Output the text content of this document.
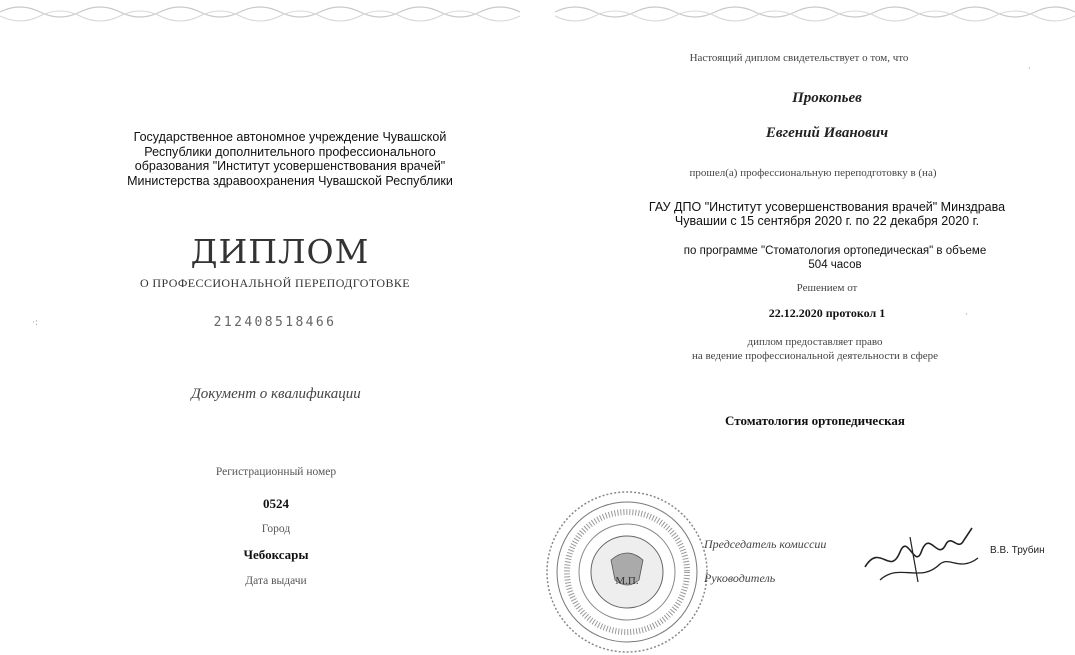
Государственное автономное учреждение Чувашской
Республики дополнительного профессионального
образования "Институт усовершенствования врачей"
Министерства здравоохранения Чувашской Республики
ДИПЛОМ
О ПРОФЕССИОНАЛЬНОЙ ПЕРЕПОДГОТОВКЕ
212408518466
Документ о квалификации
Регистрационный номер
0524
Город
Чебоксары
Дата выдачи
·:
Настоящий диплом свидетельствует о том, что
Прокопьев
Евгений Иванович
прошел(а) профессиональную переподготовку в (на)
ГАУ ДПО "Институт усовершенствования врачей" Минздрава
Чувашии с 15 сентября 2020 г. по 22 декабря 2020 г.
по программе "Стоматология ортопедическая" в объеме
504 часов
Решением от
22.12.2020 протокол 1
диплом предоставляет право
на ведение профессиональной деятельности в сфере
Стоматология ортопедическая
М.П.
Председатель комиссии
Руководитель
В.В. Трубин
·
·
